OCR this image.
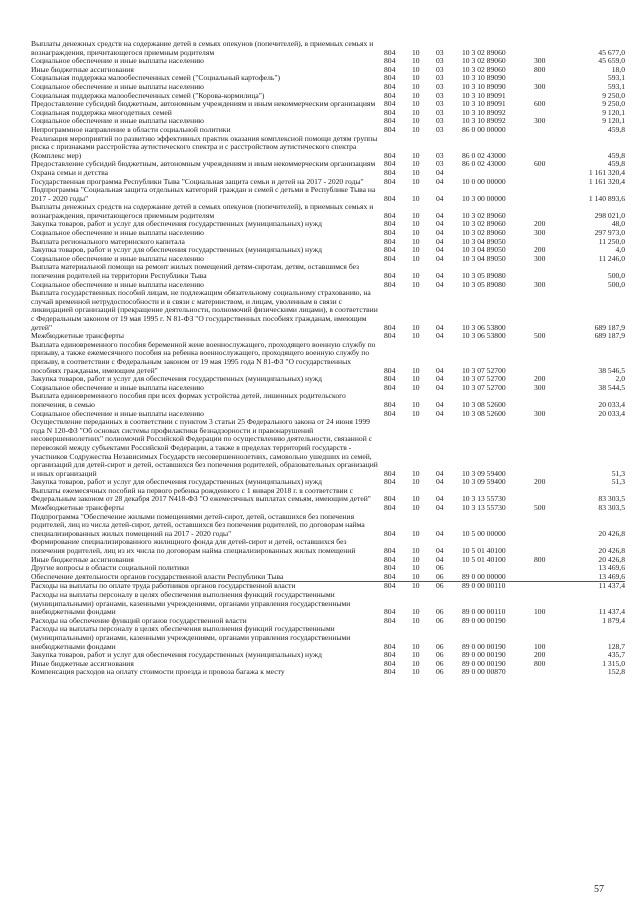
Выплаты денежных средств на содержание детей в семьях опекунов (попечителей), в приемных семьях и вознаграждения, причитающегося приемным родителям	804	10	03	10 3 02 89060		45 677,0
Социальное обеспечение и иные выплаты населению	804	10	03	10 3 02 89060	300	45 659,0
Иные бюджетные ассигнования	804	10	03	10 3 02 89060	800	18,0
Социальная поддержка малообеспеченных семей ("Социальный картофель")	804	10	03	10 3 10 89090		593,1
Социальное обеспечение и иные выплаты населению	804	10	03	10 3 10 89090	300	593,1
Социальная поддержка малообеспеченных семей ("Корова-кормилица")	804	10	03	10 3 10 89091		9 250,0
Предоставление субсидий бюджетным, автономным учреждениям и иным некоммерческим организациям	804	10	03	10 3 10 89091	600	9 250,0
Социальная поддержка многодетных семей	804	10	03	10 3 10 89092		9 120,1
Социальное обеспечение и иные выплаты населению	804	10	03	10 3 10 89092	300	9 120,1
Непрограммное направление в области социальной политики	804	10	03	86 0 00 00000		459,8
Реализация мероприятий по развитию эффективных практик оказания комплексной помощи детям группы риска с признаками расстройства аутистического спектра и с расстройством аутистического спектра (Комплекс мер)	804	10	03	86 0 02 43000		459,8
Предоставление субсидий бюджетным, автономным учреждениям и иным некоммерческим организациям	804	10	03	86 0 02 43000	600	459,8
Охрана семьи и детства	804	10	04			1 161 320,4
Государственная программа Республики Тыва "Социальная защита семьи и детей на 2017 - 2020 годы"	804	10	04	10 0 00 00000		1 161 320,4
Подпрограмма "Социальная защита отдельных категорий граждан и семей с детьми в Республике Тыва на 2017 - 2020 годы"	804	10	04	10 3 00 00000		1 140 893,6
Выплаты денежных средств на содержание детей в семьях опекунов (попечителей), в приемных семьях и вознаграждения, причитающегося приемным родителям	804	10	04	10 3 02 89060		298 021,0
Закупка товаров, работ и услуг для обеспечения государственных (муниципальных) нужд	804	10	04	10 3 02 89060	200	48,0
Социальное обеспечение и иные выплаты населению	804	10	04	10 3 02 89060	300	297 973,0
Выплата регионального материнского капитала	804	10	04	10 3 04 89050		11 250,0
Закупка товаров, работ и услуг для обеспечения государственных (муниципальных) нужд	804	10	04	10 3 04 89050	200	4,0
Социальное обеспечение и иные выплаты населению	804	10	04	10 3 04 89050	300	11 246,0
Выплата материальной помощи на ремонт жилых помещений детям-сиротам, детям, оставшимся без попечения родителей на территории Республики Тыва	804	10	04	10 3 05 89080		500,0
Социальное обеспечение и иные выплаты населению	804	10	04	10 3 05 89080	300	500,0
Выплата государственных пособий лицам, не подлежащим обязательному социальному страхованию, на случай временной нетрудоспособности и в связи с материнством, и лицам, уволенным в связи с ликвидацией организаций (прекращение деятельности, полномочий физическими лицами), в соответствии с Федеральным законом от 19 мая 1995 г. N 81-ФЗ "О государственных пособиях гражданам, имеющим детей"	804	10	04	10 3 06 53800		689 187,9
Межбюджетные трансферты	804	10	04	10 3 06 53800	500	689 187,9
Выплата единовременного пособия беременной жене военнослужащего, проходящего военную службу по призыву, а также ежемесячного пособия на ребенка военнослужащего, проходящего военную службу по призыву, в соответствии с Федеральным законом от 19 мая 1995 года N 81-ФЗ "О государственных пособиях гражданам, имеющим детей"	804	10	04	10 3 07 52700		38 546,5
Закупка товаров, работ и услуг для обеспечения государственных (муниципальных) нужд	804	10	04	10 3 07 52700	200	2,0
Социальное обеспечение и иные выплаты населению	804	10	04	10 3 07 52700	300	38 544,5
Выплата единовременного пособия при всех формах устройства детей, лишенных родительского попечения, в семью	804	10	04	10 3 08 52600		20 033,4
Социальное обеспечение и иные выплаты населению	804	10	04	10 3 08 52600	300	20 033,4
Осуществление переданных в соответствии с пунктом 3 статьи 25 Федерального закона от 24 июня 1999 года N 120-ФЗ "Об основах системы профилактики безнадзорности и правонарушений несовершеннолетних" полномочий Российской Федерации по осуществлению деятельности, связанной с перевозкой между субъектами Российской Федерации, а также в пределах территорий государств - участников Содружества Независимых Государств несовершеннолетних, самовольно ушедших из семей, организаций для детей-сирот и детей, оставшихся без попечения родителей, образовательных организаций и иных организаций	804	10	04	10 3 09 59400		51,3
Закупка товаров, работ и услуг для обеспечения государственных (муниципальных) нужд	804	10	04	10 3 09 59400	200	51,3
Выплаты ежемесячных пособий на первого ребенка рожденного с 1 января 2018 г. в соответствии с Федеральным законом от 28 декабря 2017 N418-ФЗ "О ежемесячных выплатах семьям, имеющим детей"	804	10	04	10 3 13 55730		83 303,5
Межбюджетные трансферты	804	10	04	10 3 13 55730	500	83 303,5
Подпрограмма "Обеспечение жилыми помещениями детей-сирот, детей, оставшихся без попечения родителей, лиц из числа детей-сирот, детей, оставшихся без попечения родителей, по договорам найма специализированных жилых помещений на 2017 - 2020 годы"	804	10	04	10 5 00 00000		20 426,8
Формирование специализированного жилищного фонда для детей-сирот и детей, оставшихся без попечения родителей, лиц из их числа по договорам найма специализированных жилых помещений	804	10	04	10 5 01 40100		20 426,8
Иные бюджетные ассигнования	804	10	04	10 5 01 40100	800	20 426,8
Другие вопросы в области социальной политики	804	10	06			13 469,6
Обеспечение деятельности органов государственной власти Республики Тыва	804	10	06	89 0 00 00000		13 469,6
Расходы на выплаты по оплате труда работников органов государственной власти	804	10	06	89 0 00 00110		11 437,4
Расходы на выплаты персоналу в целях обеспечения выполнения функций государственными (муниципальными) органами, казенными учреждениями, органами управления государственными внебюджетными фондами	804	10	06	89 0 00 00110	100	11 437,4
Расходы на обеспечение функций органов государственной власти	804	10	06	89 0 00 00190		1 879,4
Расходы на выплаты персоналу в целях обеспечения выполнения функций государственными (муниципальными) органами, казенными учреждениями, органами управления государственными внебюджетными фондами	804	10	06	89 0 00 00190	100	128,7
Закупка товаров, работ и услуг для обеспечения государственных (муниципальных) нужд	804	10	06	89 0 00 00190	200	435,7
Иные бюджетные ассигнования	804	10	06	89 0 00 00190	800	1 315,0
Компенсация расходов на оплату стоимости проезда и провоза багажа к месту	804	10	06	89 0 00 00870		152,8
57
